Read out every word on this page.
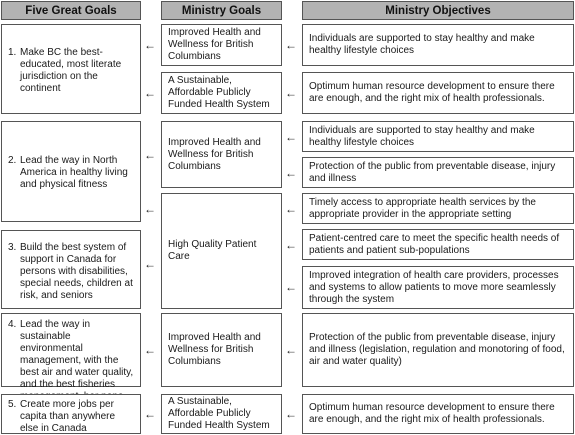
Five Great Goals	Ministry Goals	Ministry Objectives
1. Make BC the best-educated, most literate jurisdiction on the continent
2. Lead the way in North America in healthy living and physical fitness
3. Build the best system of support in Canada for persons with disabilities, special needs, children at risk, and seniors
4. Lead the way in sustainable environmental management, with the best air and water quality, and the best fisheries
5. Create more jobs per capita than anywhere else in Canada
Improved Health and Wellness for British Columbians
A Sustainable, Affordable Publicly Funded Health System
Improved Health and Wellness for British Columbians
High Quality Patient Care
Improved Health and Wellness for British Columbians
A Sustainable, Affordable Publicly Funded Health System
Individuals are supported to stay healthy and make healthy lifestyle choices
Optimum human resource development to ensure there are enough, and the right mix of health professionals.
Individuals are supported to stay healthy and make healthy lifestyle choices
Protection of the public from preventable disease, injury and illness
Timely access to appropriate health services by the appropriate provider in the appropriate setting
Patient-centred care to meet the specific health needs of patients and patient sub-populations
Improved integration of health care providers, processes and systems to allow patients to move more seamlessly through the system
Protection of the public from preventable disease, injury and illness (legislation, regulation and monotoring of food, air and water quality)
Optimum human resource development to ensure there are enough, and the right mix of health professionals.
←
←
←
←
←
←
←
←
←
←
←
←
←
←
←
←
